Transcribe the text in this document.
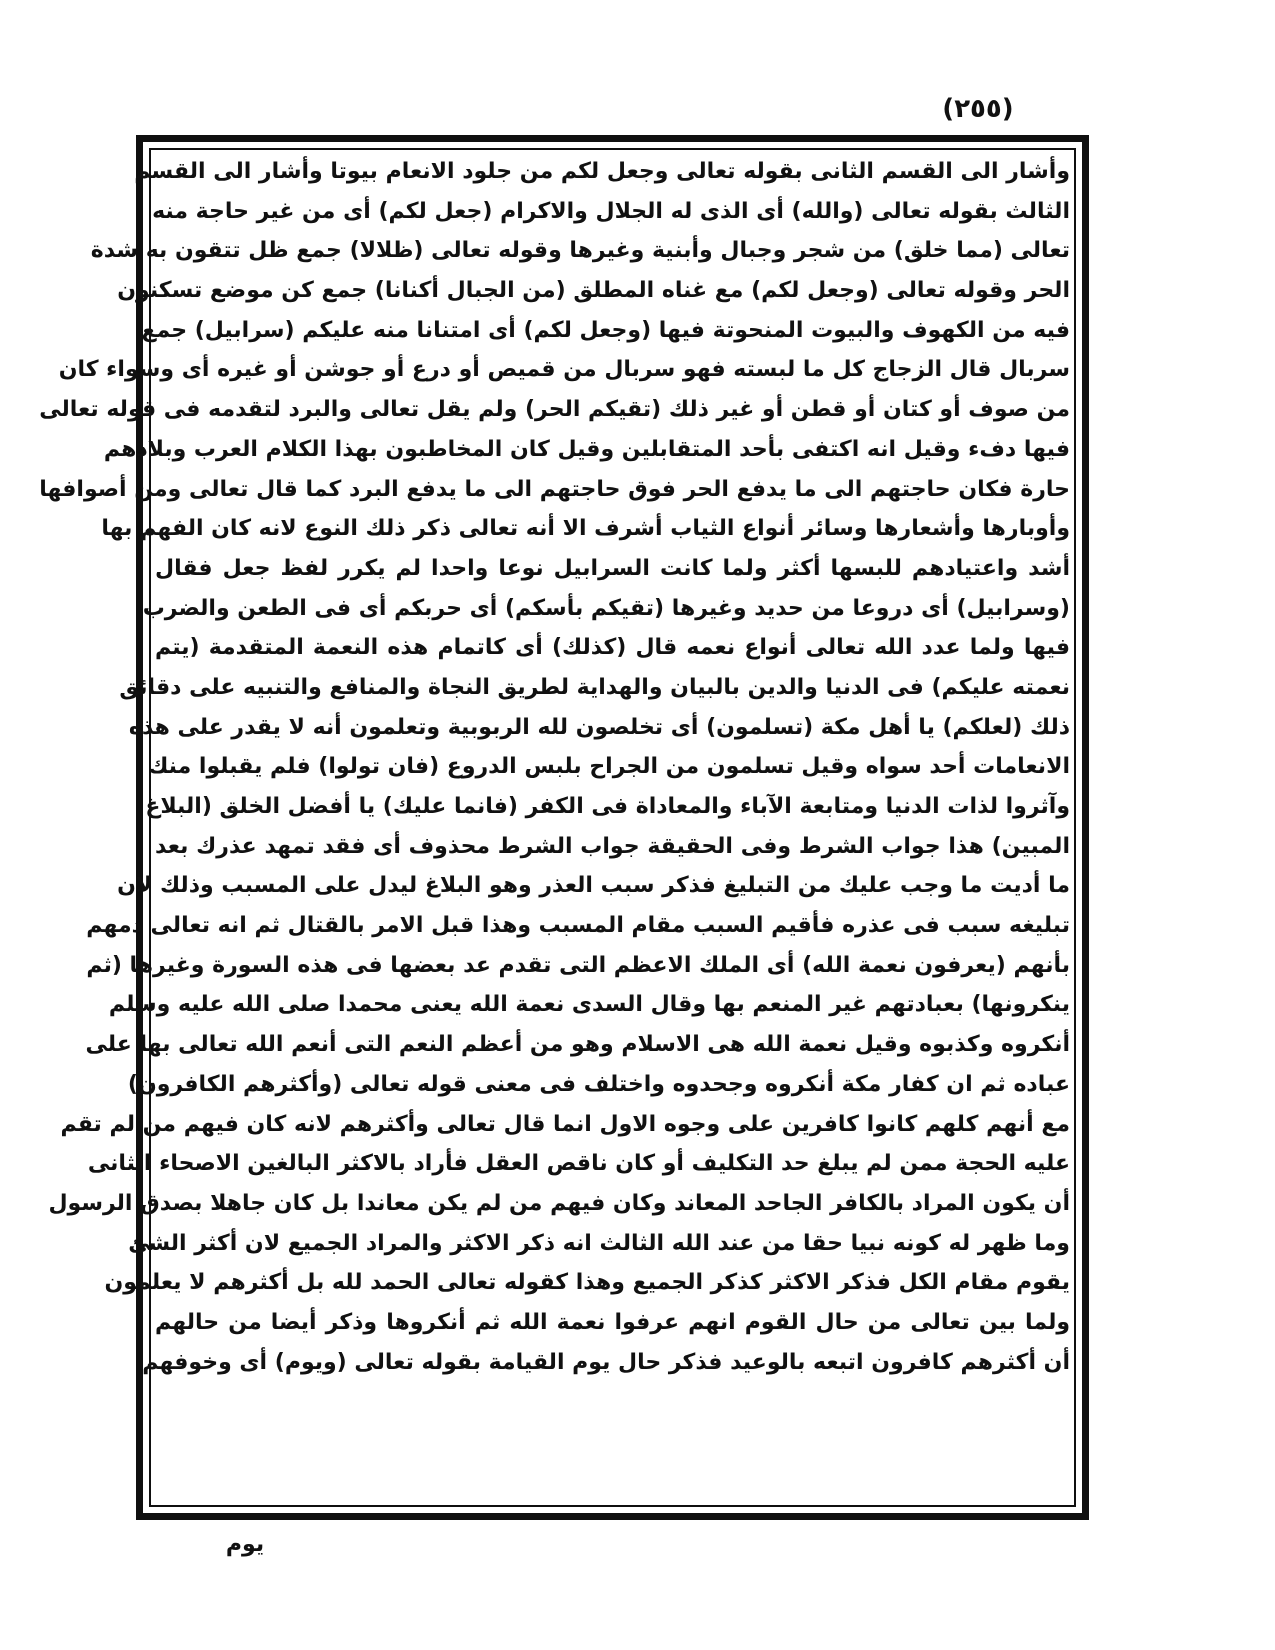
(٢٥٥)
وأشار الى القسم الثانى بقوله تعالى وجعل لكم من جلود الانعام بيوتا وأشار الى القسم
الثالث بقوله تعالى (والله) أى الذى له الجلال والاكرام (جعل لكم) أى من غير حاجة منه
تعالى (مما خلق) من شجر وجبال وأبنية وغيرها وقوله تعالى (ظلالا) جمع ظل تتقون به شدة
الحر وقوله تعالى (وجعل لكم) مع غناه المطلق (من الجبال أكنانا) جمع كن موضع تسكنون
فيه من الكهوف والبيوت المنحوتة فيها (وجعل لكم) أى امتنانا منه عليكم (سرابيل) جمع
سربال قال الزجاج كل ما لبسته فهو سربال من قميص أو درع أو جوشن أو غيره أى وسواء كان
من صوف أو كتان أو قطن أو غير ذلك (تقيكم الحر) ولم يقل تعالى والبرد لتقدمه فى قوله تعالى
فيها دفء وقيل انه اكتفى بأحد المتقابلين وقيل كان المخاطبون بهذا الكلام العرب وبلادهم
حارة فكان حاجتهم الى ما يدفع الحر فوق حاجتهم الى ما يدفع البرد كما قال تعالى ومن أصوافها
وأوبارها وأشعارها وسائر أنواع الثياب أشرف الا أنه تعالى ذكر ذلك النوع لانه كان الفهم بها
أشد واعتيادهم للبسها أكثر ولما كانت السرابيل نوعا واحدا لم يكرر لفظ جعل فقال
(وسرابيل) أى دروعا من حديد وغيرها (تقيكم بأسكم) أى حربكم أى فى الطعن والضرب
فيها ولما عدد الله تعالى أنواع نعمه قال (كذلك) أى كاتمام هذه النعمة المتقدمة (يتم
نعمته عليكم) فى الدنيا والدين بالبيان والهداية لطريق النجاة والمنافع والتنبيه على دقائق
ذلك (لعلكم) يا أهل مكة (تسلمون) أى تخلصون لله الربوبية وتعلمون أنه لا يقدر على هذه
الانعامات أحد سواه وقيل تسلمون من الجراح بلبس الدروع (فان تولوا) فلم يقبلوا منك
وآثروا لذات الدنيا ومتابعة الآباء والمعاداة فى الكفر (فانما عليك) يا أفضل الخلق (البلاغ
المبين) هذا جواب الشرط وفى الحقيقة جواب الشرط محذوف أى فقد تمهد عذرك بعد
ما أديت ما وجب عليك من التبليغ فذكر سبب العذر وهو البلاغ ليدل على المسبب وذلك لان
تبليغه سبب فى عذره فأقيم السبب مقام المسبب وهذا قبل الامر بالقتال ثم انه تعالى ذمهم
بأنهم (يعرفون نعمة الله) أى الملك الاعظم التى تقدم عد بعضها فى هذه السورة وغيرها (ثم
ينكرونها) بعبادتهم غير المنعم بها وقال السدى نعمة الله يعنى محمدا صلى الله عليه وسلم
أنكروه وكذبوه وقيل نعمة الله هى الاسلام وهو من أعظم النعم التى أنعم الله تعالى بها على
عباده ثم ان كفار مكة أنكروه وجحدوه واختلف فى معنى قوله تعالى (وأكثرهم الكافرون)
مع أنهم كلهم كانوا كافرين على وجوه الاول انما قال تعالى وأكثرهم لانه كان فيهم من لم تقم
عليه الحجة ممن لم يبلغ حد التكليف أو كان ناقص العقل فأراد بالاكثر البالغين الاصحاء الثانى
أن يكون المراد بالكافر الجاحد المعاند وكان فيهم من لم يكن معاندا بل كان جاهلا بصدق الرسول
وما ظهر له كونه نبيا حقا من عند الله الثالث انه ذكر الاكثر والمراد الجميع لان أكثر الشئ
يقوم مقام الكل فذكر الاكثر كذكر الجميع وهذا كقوله تعالى الحمد لله بل أكثرهم لا يعلمون
ولما بين تعالى من حال القوم انهم عرفوا نعمة الله ثم أنكروها وذكر أيضا من حالهم
أن أكثرهم كافرون اتبعه بالوعيد فذكر حال يوم القيامة بقوله تعالى (ويوم) أى وخوفهم
يوم
